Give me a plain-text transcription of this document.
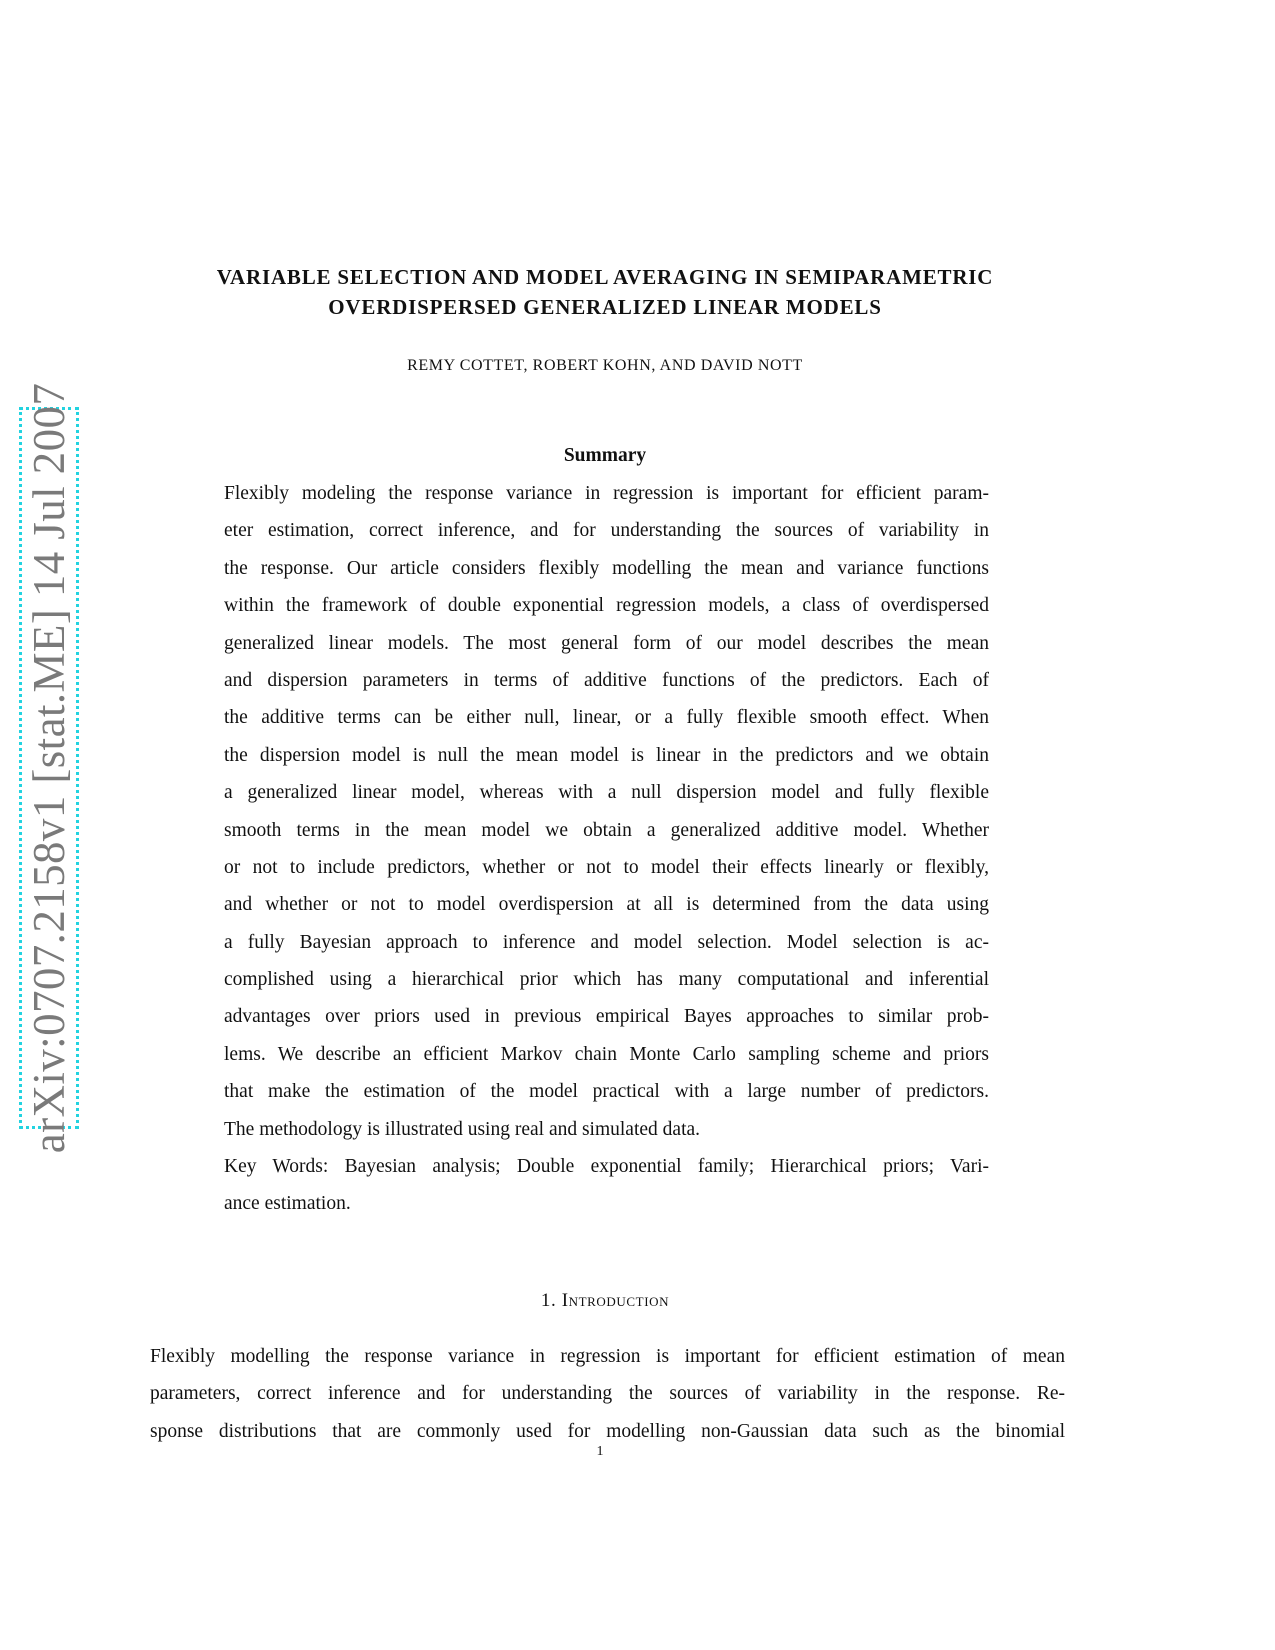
arXiv:0707.2158v1 [stat.ME] 14 Jul 2007
VARIABLE SELECTION AND MODEL AVERAGING IN SEMIPARAMETRIC
OVERDISPERSED GENERALIZED LINEAR MODELS
REMY COTTET, ROBERT KOHN, AND DAVID NOTT
Summary
Flexibly modeling the response variance in regression is important for efficient param-
eter estimation, correct inference, and for understanding the sources of variability in
the response. Our article considers flexibly modelling the mean and variance functions
within the framework of double exponential regression models, a class of overdispersed
generalized linear models. The most general form of our model describes the mean
and dispersion parameters in terms of additive functions of the predictors. Each of
the additive terms can be either null, linear, or a fully flexible smooth effect. When
the dispersion model is null the mean model is linear in the predictors and we obtain
a generalized linear model, whereas with a null dispersion model and fully flexible
smooth terms in the mean model we obtain a generalized additive model. Whether
or not to include predictors, whether or not to model their effects linearly or flexibly,
and whether or not to model overdispersion at all is determined from the data using
a fully Bayesian approach to inference and model selection. Model selection is ac-
complished using a hierarchical prior which has many computational and inferential
advantages over priors used in previous empirical Bayes approaches to similar prob-
lems. We describe an efficient Markov chain Monte Carlo sampling scheme and priors
that make the estimation of the model practical with a large number of predictors.
The methodology is illustrated using real and simulated data.
Key Words: Bayesian analysis; Double exponential family; Hierarchical priors; Vari-
ance estimation.
1. Introduction
Flexibly modelling the response variance in regression is important for efficient estimation of mean
parameters, correct inference and for understanding the sources of variability in the response. Re-
sponse distributions that are commonly used for modelling non-Gaussian data such as the binomial
1
